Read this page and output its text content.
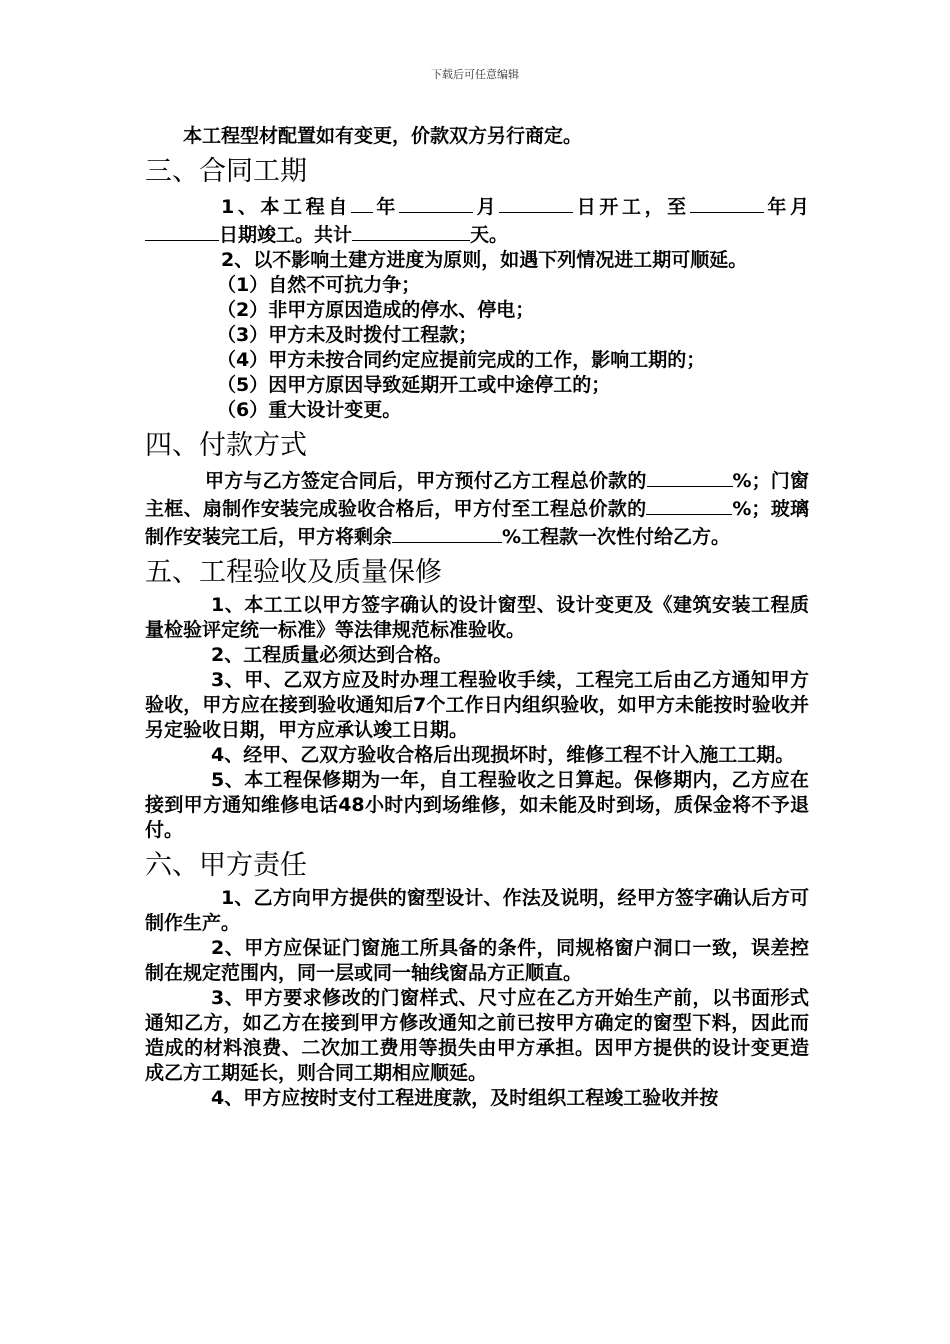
下载后可任意编辑

本工程型材配置如有变更，价款双方另行商定。

三、合同工期

1、本工程自 年	月	日开工，至	年月日期竣工。共计	天。

2、以不影响土建方进度为原则，如遇下列情况进工期可顺延。

（1）自然不可抗力争；

（2）非甲方原因造成的停水、停电；

（3）甲方未及时拨付工程款；

（4）甲方未按合同约定应提前完成的工作，影响工期的；

（5）因甲方原因导致延期开工或中途停工的；

（6）重大设计变更。

四、付款方式

甲方与乙方签定合同后，甲方预付乙方工程总价款的	%；门窗主框、扇制作安装完成验收合格后，甲方付至工程总价款的	%；玻璃制作安装完工后，甲方将剩余	%工程款一次性付给乙方。

五、工程验收及质量保修

1、本工工以甲方签字确认的设计窗型、设计变更及《建筑安装工程质量检验评定统一标准》等法律规范标准验收。

2、工程质量必须达到合格。

3、甲、乙双方应及时办理工程验收手续，工程完工后由乙方通知甲方验收，甲方应在接到验收通知后7个工作日内组织验收，如甲方未能按时验收并另定验收日期，甲方应承认竣工日期。

4、经甲、乙双方验收合格后出现损坏时，维修工程不计入施工工期。

5、本工程保修期为一年，自工程验收之日算起。保修期内，乙方应在接到甲方通知维修电话48小时内到场维修，如未能及时到场，质保金将不予退付。

六、甲方责任

1、乙方向甲方提供的窗型设计、作法及说明，经甲方签字确认后方可制作生产。

2、甲方应保证门窗施工所具备的条件，同规格窗户洞口一致，误差控制在规定范围内，同一层或同一轴线窗品方正顺直。

3、甲方要求修改的门窗样式、尺寸应在乙方开始生产前，以书面形式通知乙方，如乙方在接到甲方修改通知之前已按甲方确定的窗型下料，因此而造成的材料浪费、二次加工费用等损失由甲方承担。因甲方提供的设计变更造成乙方工期延长，则合同工期相应顺延。

4、甲方应按时支付工程进度款，及时组织工程竣工验收并按
